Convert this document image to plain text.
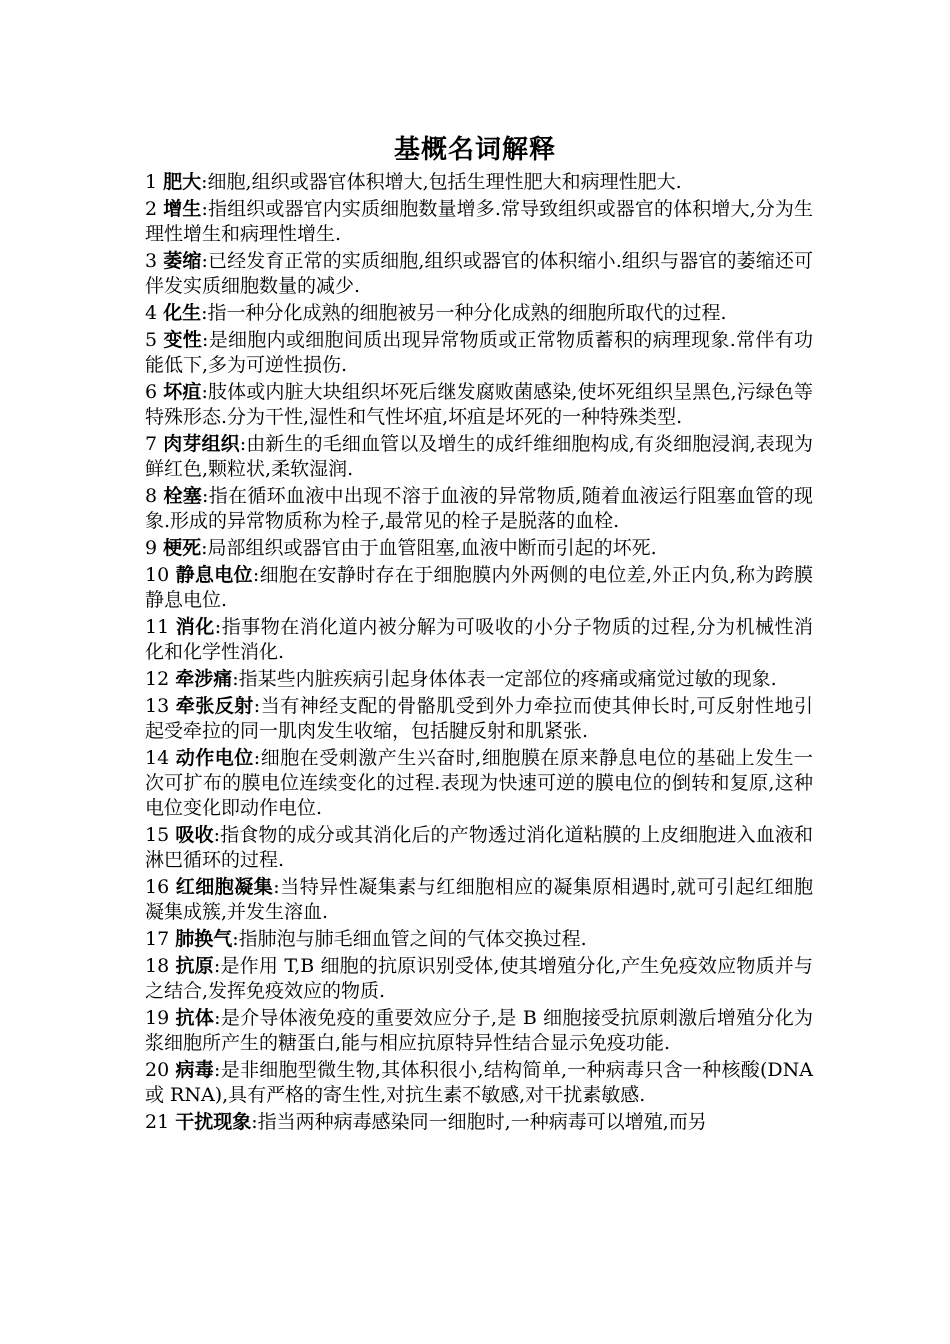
基概名词解释

1 肥大:细胞,组织或器官体积增大,包括生理性肥大和病理性肥大.

2 增生:指组织或器官内实质细胞数量增多.常导致组织或器官的体积增大,分为生理性增生和病理性增生.

3 萎缩:已经发育正常的实质细胞,组织或器官的体积缩小.组织与器官的萎缩还可伴发实质细胞数量的减少.

4 化生:指一种分化成熟的细胞被另一种分化成熟的细胞所取代的过程.

5 变性:是细胞内或细胞间质出现异常物质或正常物质蓄积的病理现象.常伴有功能低下,多为可逆性损伤.

6 坏疽:肢体或内脏大块组织坏死后继发腐败菌感染,使坏死组织呈黑色,污绿色等特殊形态.分为干性,湿性和气性坏疽,坏疽是坏死的一种特殊类型.

7 肉芽组织:由新生的毛细血管以及增生的成纤维细胞构成,有炎细胞浸润,表现为鲜红色,颗粒状,柔软湿润.

8 栓塞:指在循环血液中出现不溶于血液的异常物质,随着血液运行阻塞血管的现象.形成的异常物质称为栓子,最常见的栓子是脱落的血栓.

9 梗死:局部组织或器官由于血管阻塞,血液中断而引起的坏死.

10 静息电位:细胞在安静时存在于细胞膜内外两侧的电位差,外正内负,称为跨膜静息电位.

11 消化:指事物在消化道内被分解为可吸收的小分子物质的过程,分为机械性消化和化学性消化.

12 牵涉痛:指某些内脏疾病引起身体体表一定部位的疼痛或痛觉过敏的现象.

13 牵张反射:当有神经支配的骨骼肌受到外力牵拉而使其伸长时,可反射性地引起受牵拉的同一肌肉发生收缩，包括腱反射和肌紧张.

14 动作电位:细胞在受刺激产生兴奋时,细胞膜在原来静息电位的基础上发生一次可扩布的膜电位连续变化的过程.表现为快速可逆的膜电位的倒转和复原,这种电位变化即动作电位.

15 吸收:指食物的成分或其消化后的产物透过消化道粘膜的上皮细胞进入血液和淋巴循环的过程.

16 红细胞凝集:当特异性凝集素与红细胞相应的凝集原相遇时,就可引起红细胞凝集成簇,并发生溶血.

17 肺换气:指肺泡与肺毛细血管之间的气体交换过程.

18 抗原:是作用 T,B 细胞的抗原识别受体,使其增殖分化,产生免疫效应物质并与之结合,发挥免疫效应的物质.

19 抗体:是介导体液免疫的重要效应分子,是 B 细胞接受抗原刺激后增殖分化为浆细胞所产生的糖蛋白,能与相应抗原特异性结合显示免疫功能.

20 病毒:是非细胞型微生物,其体积很小,结构简单,一种病毒只含一种核酸(DNA 或 RNA),具有严格的寄生性,对抗生素不敏感,对干扰素敏感.

21 干扰现象:指当两种病毒感染同一细胞时,一种病毒可以增殖,而另
